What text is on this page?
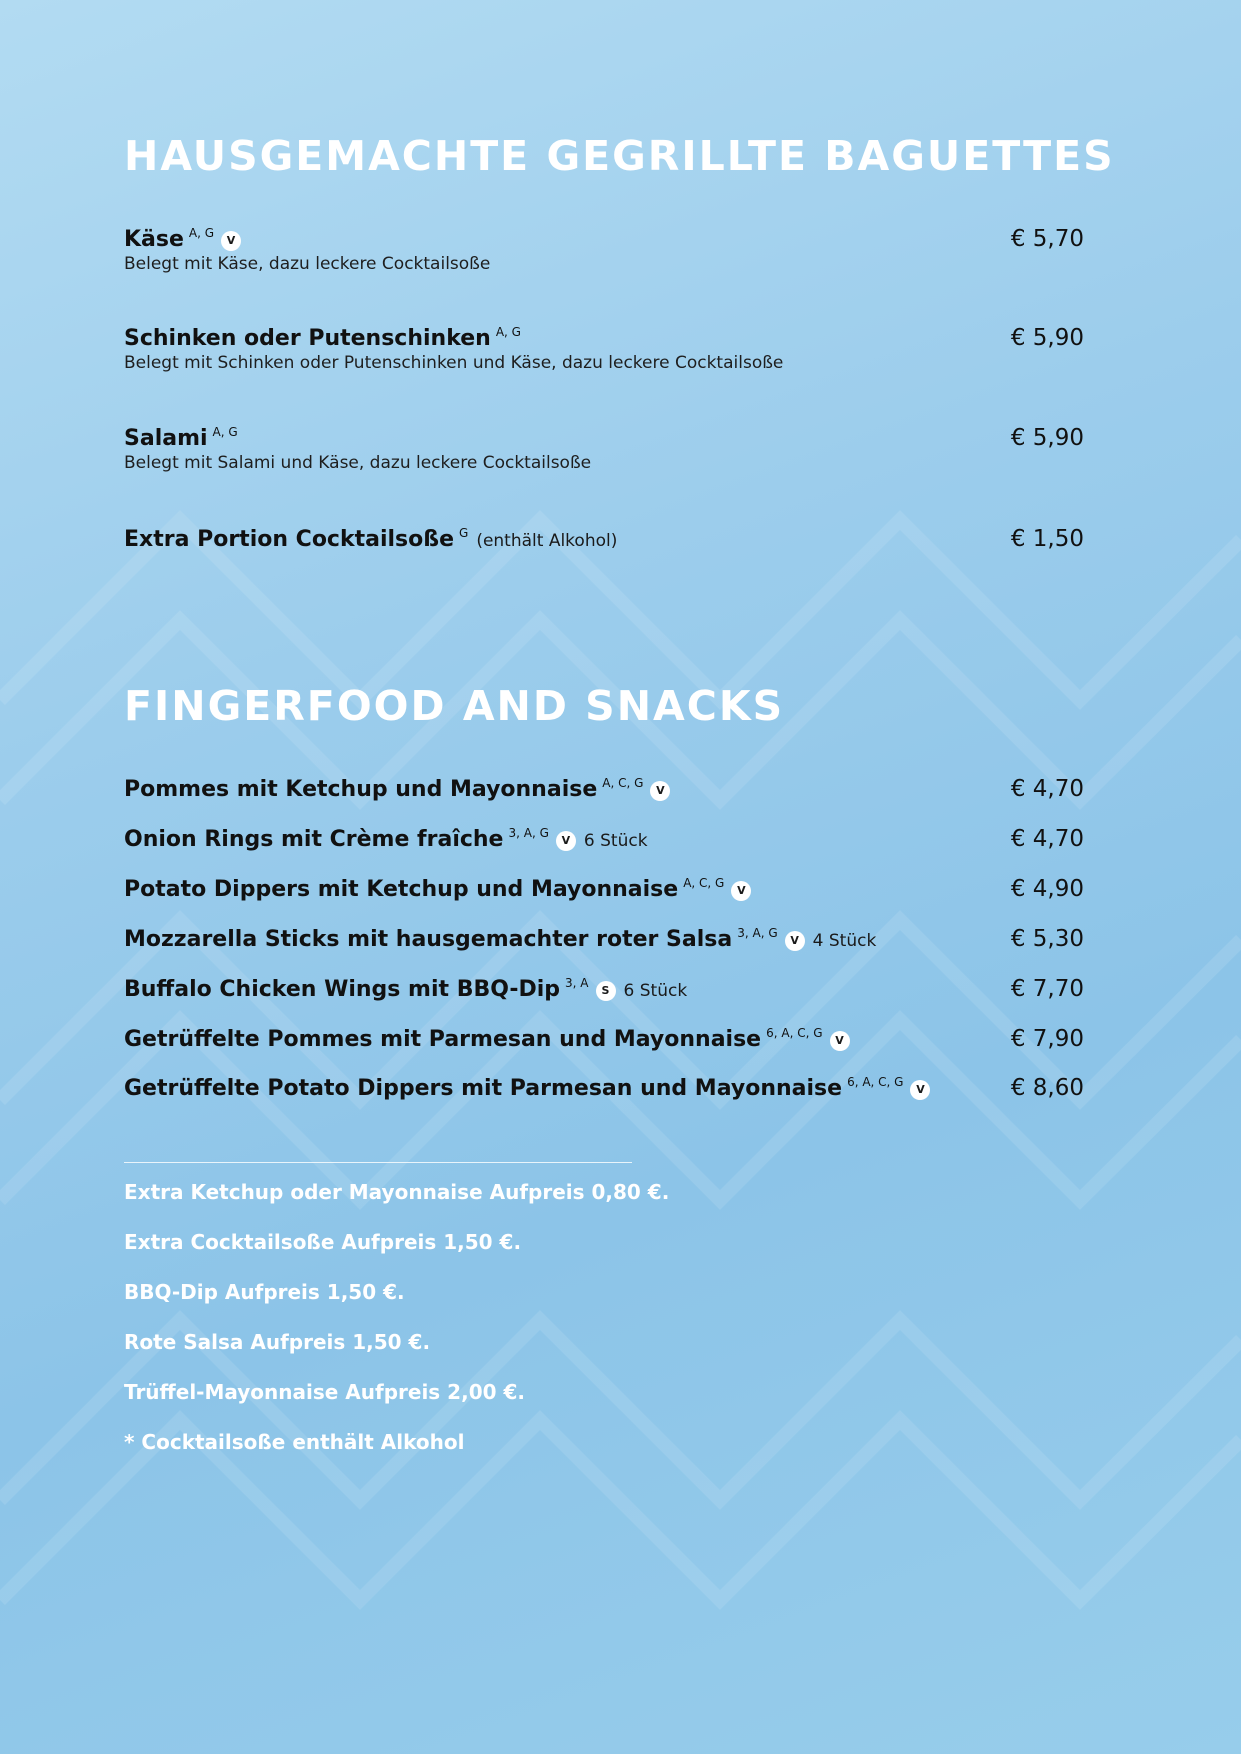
HAUSGEMACHTE GEGRILLTE BAGUETTES
Käse $^{A, G}$V	€ 5,70
Belegt mit Käse, dazu leckere Cocktailsoße
Schinken oder Putenschinken $^{A, G}$	€ 5,90
Belegt mit Schinken oder Putenschinken und Käse, dazu leckere Cocktailsoße
Salami $^{A, G}$	€ 5,90
Belegt mit Salami und Käse, dazu leckere Cocktailsoße
Extra Portion Cocktailsoße $^G$ (enthält Alkohol)	€ 1,50
FINGERFOOD AND SNACKS
Pommes mit Ketchup und Mayonnaise $^{A, C, G}$V	€ 4,70
Onion Rings mit Crème fraîche $^{3, A, G}$V 6 Stück	€ 4,70
Potato Dippers mit Ketchup und Mayonnaise $^{A, C, G}$V	€ 4,90
Mozzarella Sticks mit hausgemachter roter Salsa $^{3, A, G}$V 4 Stück	€ 5,30
Buffalo Chicken Wings mit BBQ-Dip $^{3, A}$S 6 Stück	€ 7,70
Getrüffelte Pommes mit Parmesan und Mayonnaise $^{6, A, C, G}$V	€ 7,90
Getrüffelte Potato Dippers mit Parmesan und Mayonnaise $^{6, A, C, G}$V	€ 8,60
Extra Ketchup oder Mayonnaise Aufpreis 0,80 €.
Extra Cocktailsoße Aufpreis 1,50 €.
BBQ-Dip Aufpreis 1,50 €.
Rote Salsa Aufpreis 1,50 €.
Trüffel-Mayonnaise Aufpreis 2,00 €.
* Cocktailsoße enthält Alkohol
